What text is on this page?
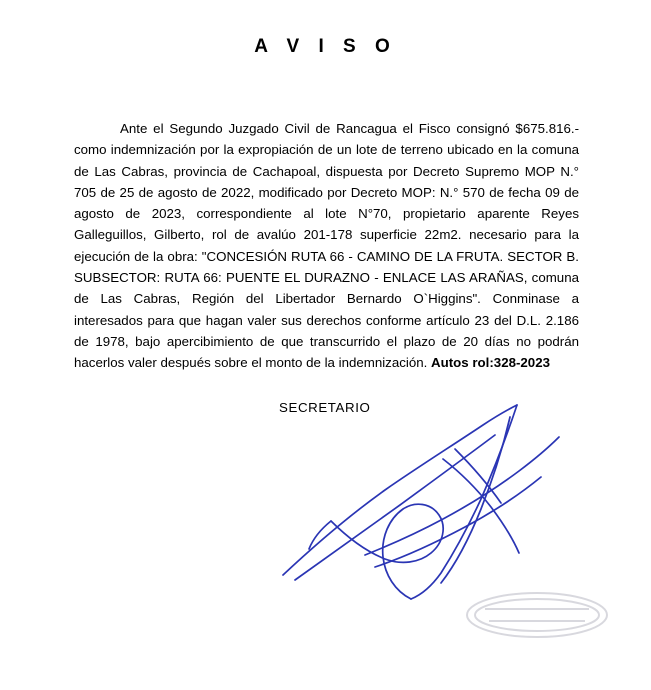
A V I S O

Ante el Segundo Juzgado Civil de Rancagua el Fisco consignó $675.816.- como indemnización por la expropiación de un lote de terreno ubicado en la comuna de Las Cabras, provincia de Cachapoal, dispuesta por Decreto Supremo MOP N.° 705 de 25 de agosto de 2022, modificado por Decreto MOP: N.° 570 de fecha 09 de agosto de 2023, correspondiente al lote N°70, propietario aparente Reyes Galleguillos, Gilberto, rol de avalúo 201-178 superficie 22m2. necesario para la ejecución de la obra: "CONCESIÓN RUTA 66 - CAMINO DE LA FRUTA. SECTOR B. SUBSECTOR: RUTA 66: PUENTE EL DURAZNO - ENLACE LAS ARAÑAS, comuna de Las Cabras, Región del Libertador Bernardo O`Higgins". Conminase a interesados para que hagan valer sus derechos conforme artículo 23 del D.L. 2.186 de 1978, bajo apercibimiento de que transcurrido el plazo de 20 días no podrán hacerlos valer después sobre el monto de la indemnización. Autos rol:328-2023

SECRETARIO
